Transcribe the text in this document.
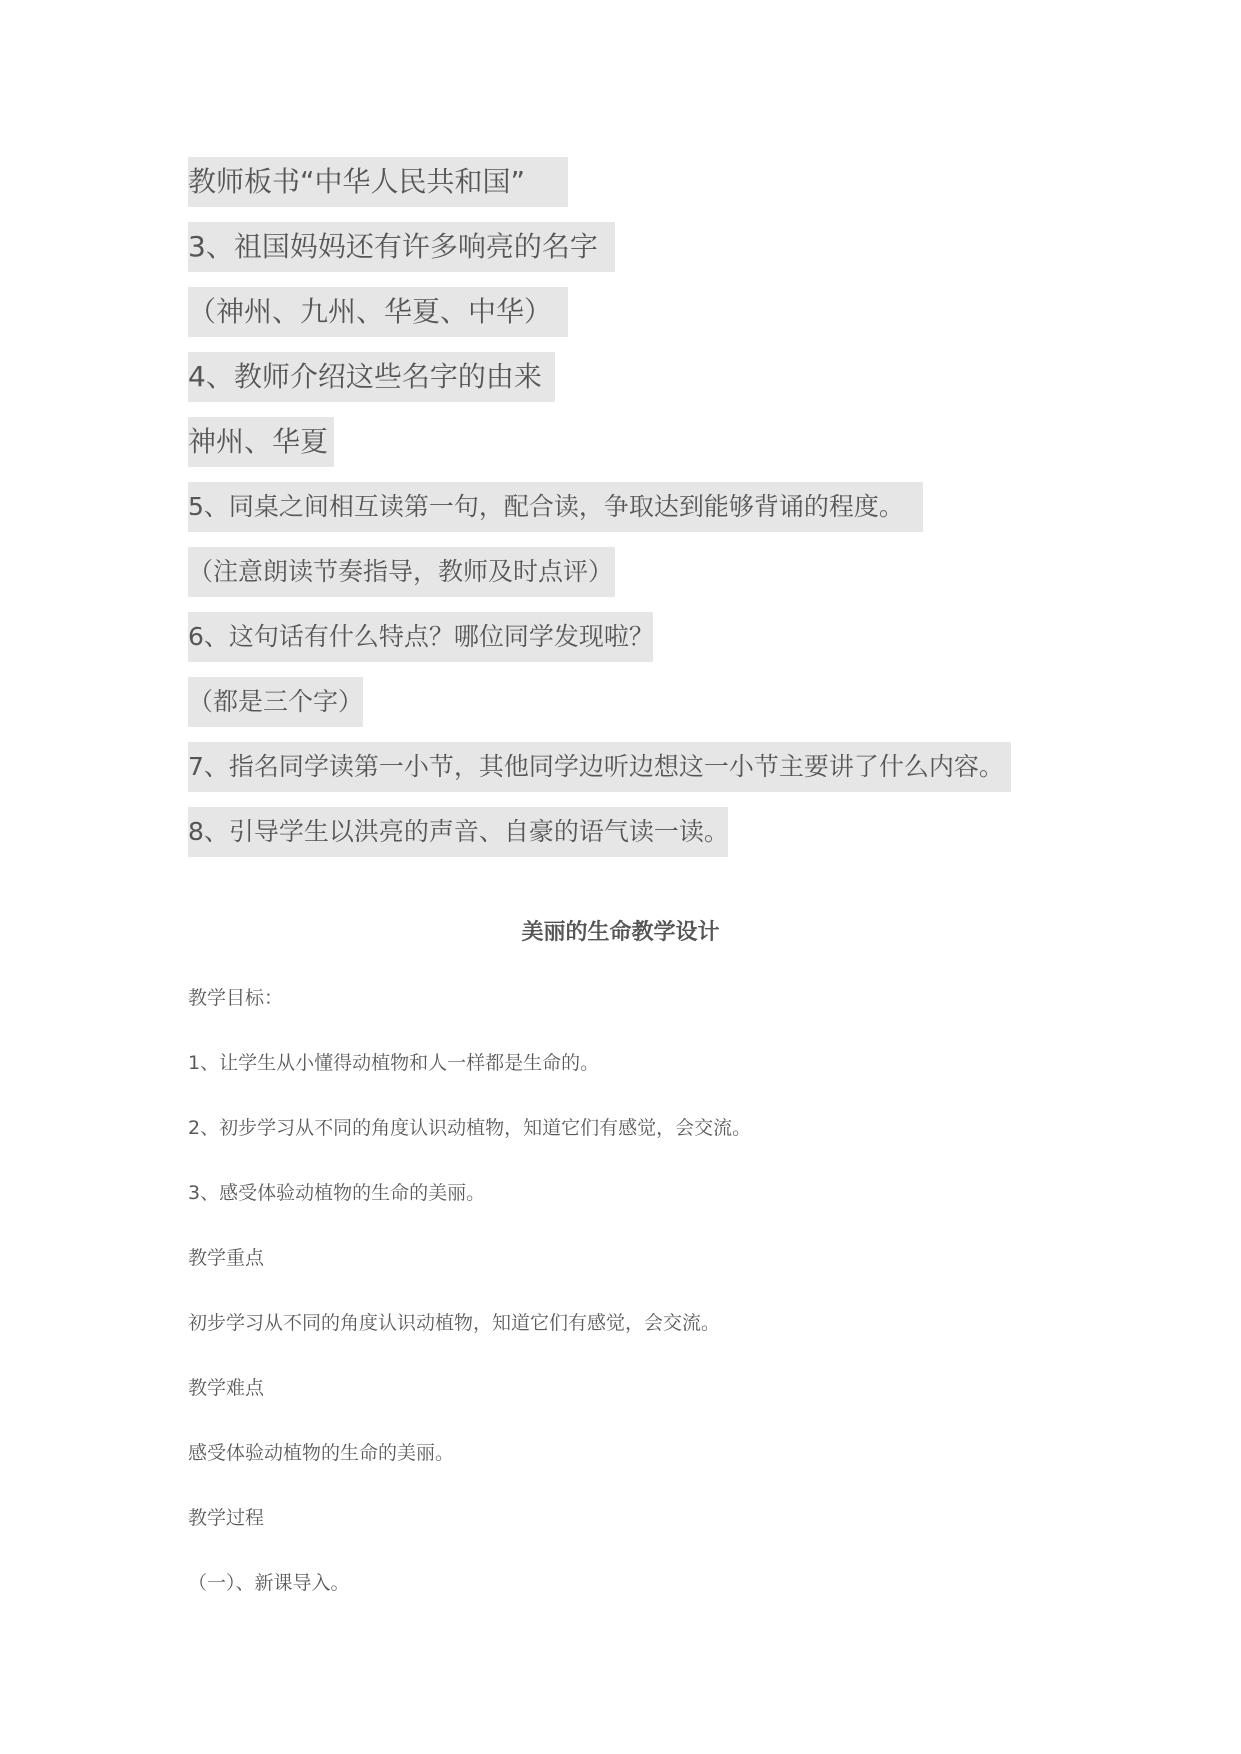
教师板书“中华人民共和国”
3、祖国妈妈还有许多响亮的名字
（神州、九州、华夏、中华）
4、教师介绍这些名字的由来
神州、华夏
5、同桌之间相互读第一句，配合读，争取达到能够背诵的程度。
（注意朗读节奏指导，教师及时点评）
6、这句话有什么特点？哪位同学发现啦？
（都是三个字）
7、指名同学读第一小节，其他同学边听边想这一小节主要讲了什么内容。
8、引导学生以洪亮的声音、自豪的语气读一读。
美丽的生命教学设计
教学目标：
1、让学生从小懂得动植物和人一样都是生命的。
2、初步学习从不同的角度认识动植物，知道它们有感觉，会交流。
3、感受体验动植物的生命的美丽。
教学重点
初步学习从不同的角度认识动植物，知道它们有感觉，会交流。
教学难点
感受体验动植物的生命的美丽。
教学过程
（一）、新课导入。
